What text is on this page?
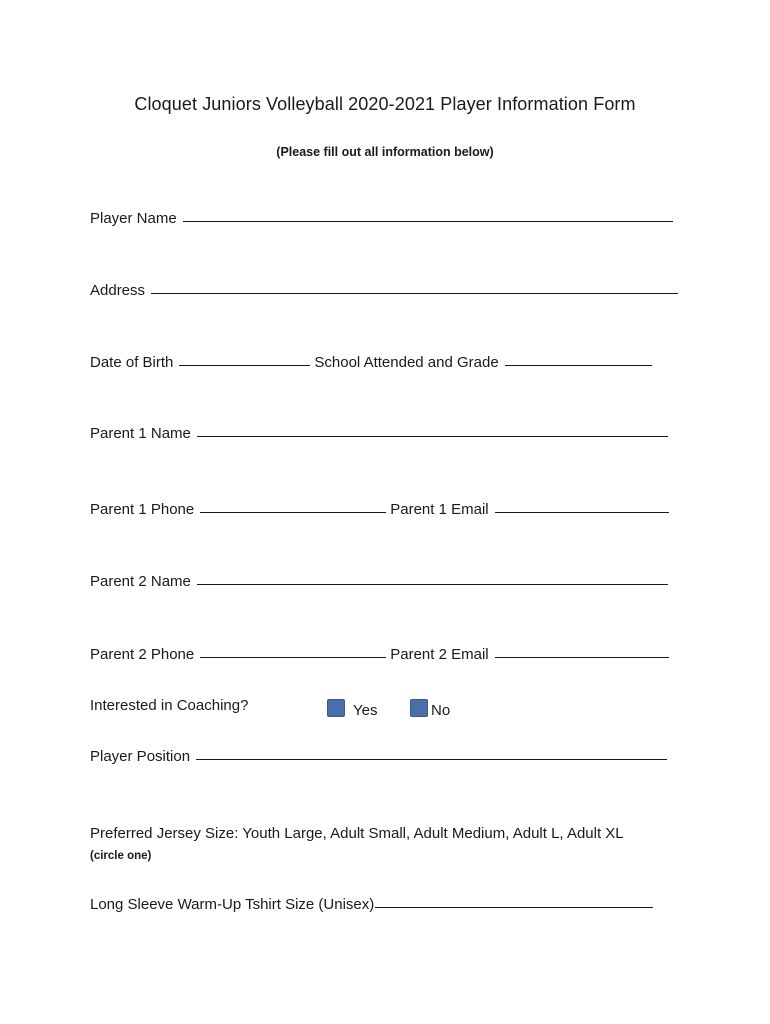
Cloquet Juniors Volleyball 2020-2021 Player Information Form
(Please fill out all information below)
Player Name
Address
Date of Birth	School Attended and Grade
Parent 1 Name
Parent 1 Phone	Parent 1 Email
Parent 2 Name
Parent 2 Phone	Parent 2 Email
Interested in Coaching?	Yes	No
Player Position
Preferred Jersey Size: Youth Large, Adult Small, Adult Medium, Adult L, Adult XL
(circle one)
Long Sleeve Warm-Up Tshirt Size (Unisex)
